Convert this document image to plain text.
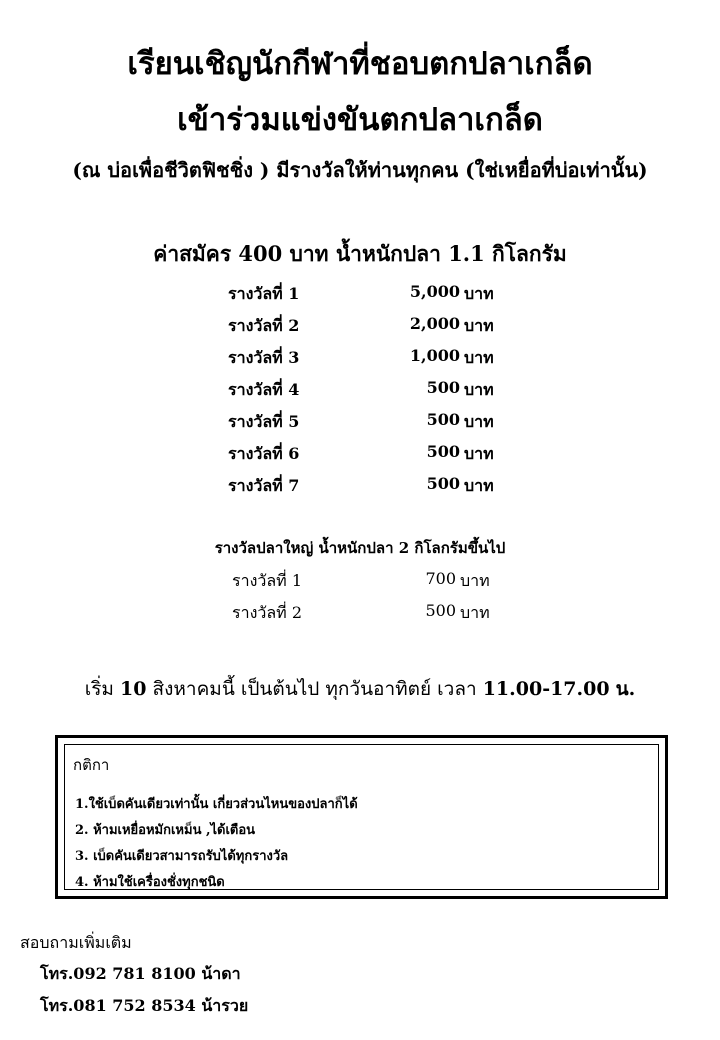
เรียนเชิญนักกีฬาที่ชอบตกปลาเกล็ด
เข้าร่วมแข่งขันตกปลาเกล็ด
(ณ บ่อเพื่อชีวิตฟิชชิ่ง ) มีรางวัลให้ท่านทุกคน (ใช่เหยื่อที่บ่อเท่านั้น)
ค่าสมัคร 400 บาท น้ำหนักปลา 1.1 กิโลกรัม
รางวัลที่ 1	5,000 บาท
รางวัลที่ 2	2,000 บาท
รางวัลที่ 3	1,000 บาท
รางวัลที่ 4	500 บาท
รางวัลที่ 5	500 บาท
รางวัลที่ 6	500 บาท
รางวัลที่ 7	500 บาท
รางวัลปลาใหญ่ น้ำหนักปลา 2 กิโลกรัมขึ้นไป
รางวัลที่ 1	700 บาท
รางวัลที่ 2	500 บาท
เริ่ม 10 สิงหาคมนี้ เป็นต้นไป ทุกวันอาทิตย์ เวลา 11.00-17.00 น.
กติกา
1.ใช้เบ็ดคันเดียวเท่านั้น เกี่ยวส่วนไหนของปลาก็ได้
2. ห้ามเหยื่อหมักเหม็น ,ได้เตือน
3. เบ็ดคันเดียวสามารถรับได้ทุกรางวัล
4. ห้ามใช้เครื่องชั่งทุกชนิด
สอบถามเพิ่มเติม
โทร.092 781 8100 น้าดา
โทร.081 752 8534 น้ารวย
